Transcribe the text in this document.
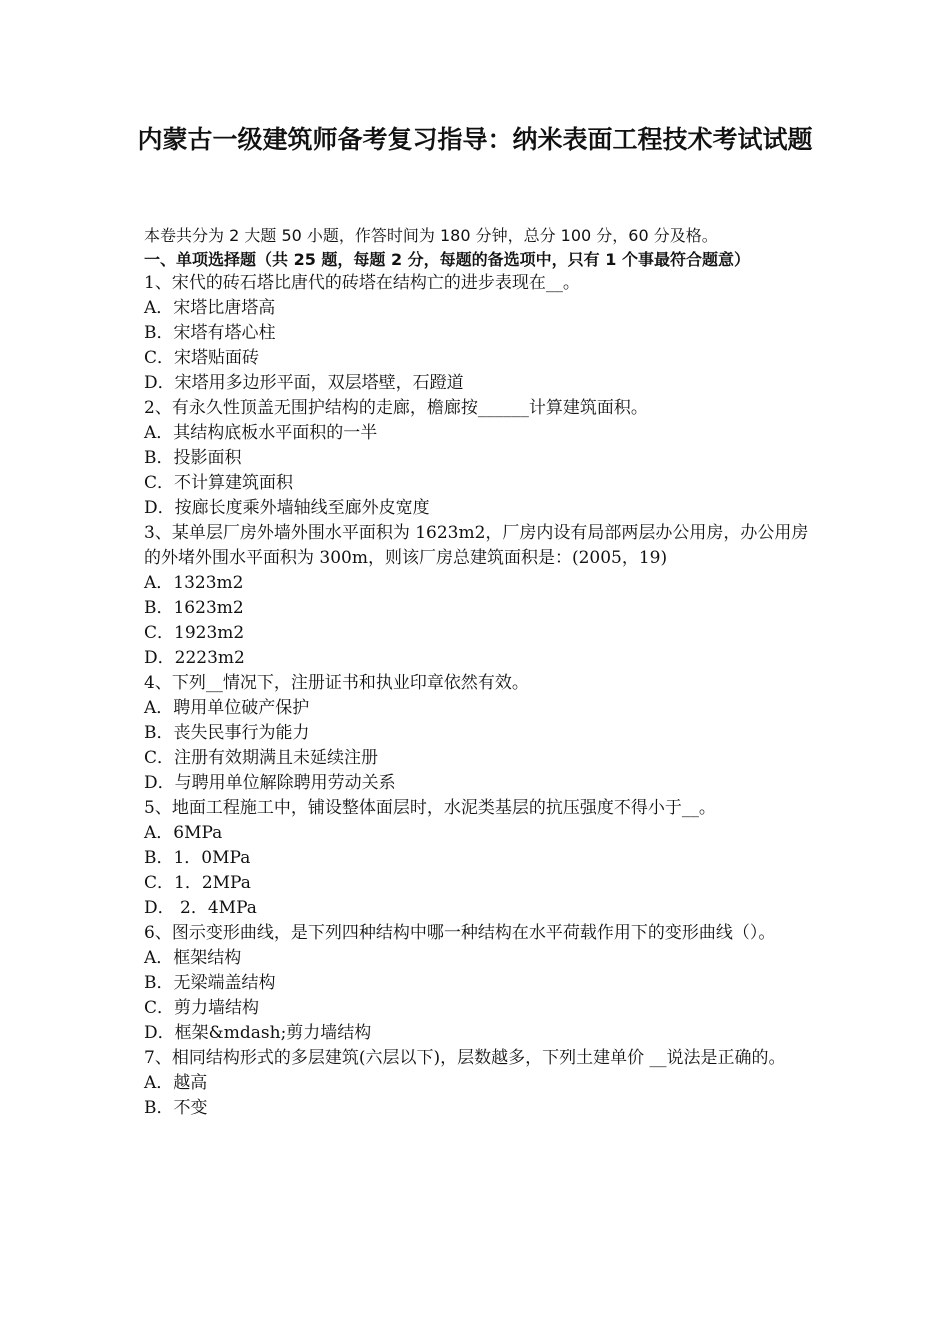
内蒙古一级建筑师备考复习指导：纳米表面工程技术考试试题
本卷共分为 2 大题 50 小题，作答时间为 180 分钟，总分 100 分，60 分及格。
一、单项选择题（共 25 题，每题 2 分，每题的备选项中，只有 1 个事最符合题意）
1、宋代的砖石塔比唐代的砖塔在结构亡的进步表现在__。
A．宋塔比唐塔高
B．宋塔有塔心柱
C．宋塔贴面砖
D．宋塔用多边形平面，双层塔壁，石蹬道
2、有永久性顶盖无围护结构的走廊，檐廊按______计算建筑面积。
A．其结构底板水平面积的一半
B．投影面积
C．不计算建筑面积
D．按廊长度乘外墙轴线至廊外皮宽度
3、某单层厂房外墙外围水平面积为 1623m2，厂房内设有局部两层办公用房，办公用房的外堵外围水平面积为 300m，则该厂房总建筑面积是：(2005，19)
A．1323m2
B．1623m2
C．1923m2
D．2223m2
4、下列__情况下，注册证书和执业印章依然有效。
A．聘用单位破产保护
B．丧失民事行为能力
C．注册有效期满且未延续注册
D．与聘用单位解除聘用劳动关系
5、地面工程施工中，铺设整体面层时，水泥类基层的抗压强度不得小于__。
A．6MPa
B．1．0MPa
C．1．2MPa
D． 2．4MPa
6、图示变形曲线，是下列四种结构中哪一种结构在水平荷载作用下的变形曲线（）。
A．框架结构
B．无梁端盖结构
C．剪力墙结构
D．框架&mdash;剪力墙结构
7、相同结构形式的多层建筑(六层以下)，层数越多，下列土建单价 __说法是正确的。
A．越高
B．不变
